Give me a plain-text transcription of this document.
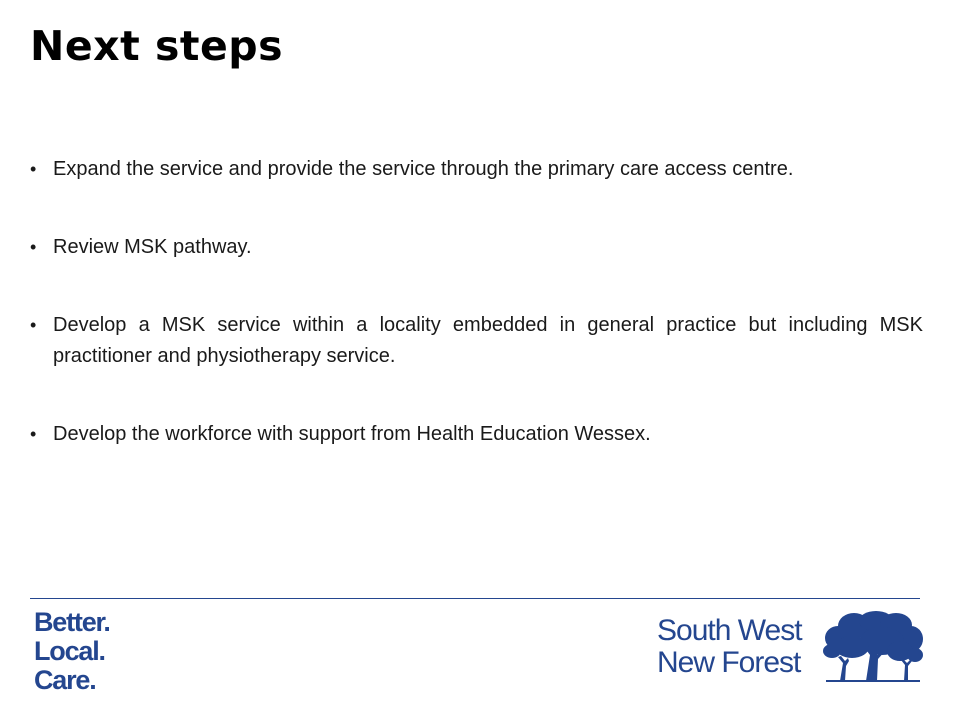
Next steps
• Expand the service and provide the service through the primary care access centre.
• Review MSK pathway.
• Develop a MSK service within a locality embedded in general practice but including MSK practitioner and physiotherapy service.
• Develop the workforce with support from Health Education Wessex.
Better.
Local.
Care.
South West
New Forest
